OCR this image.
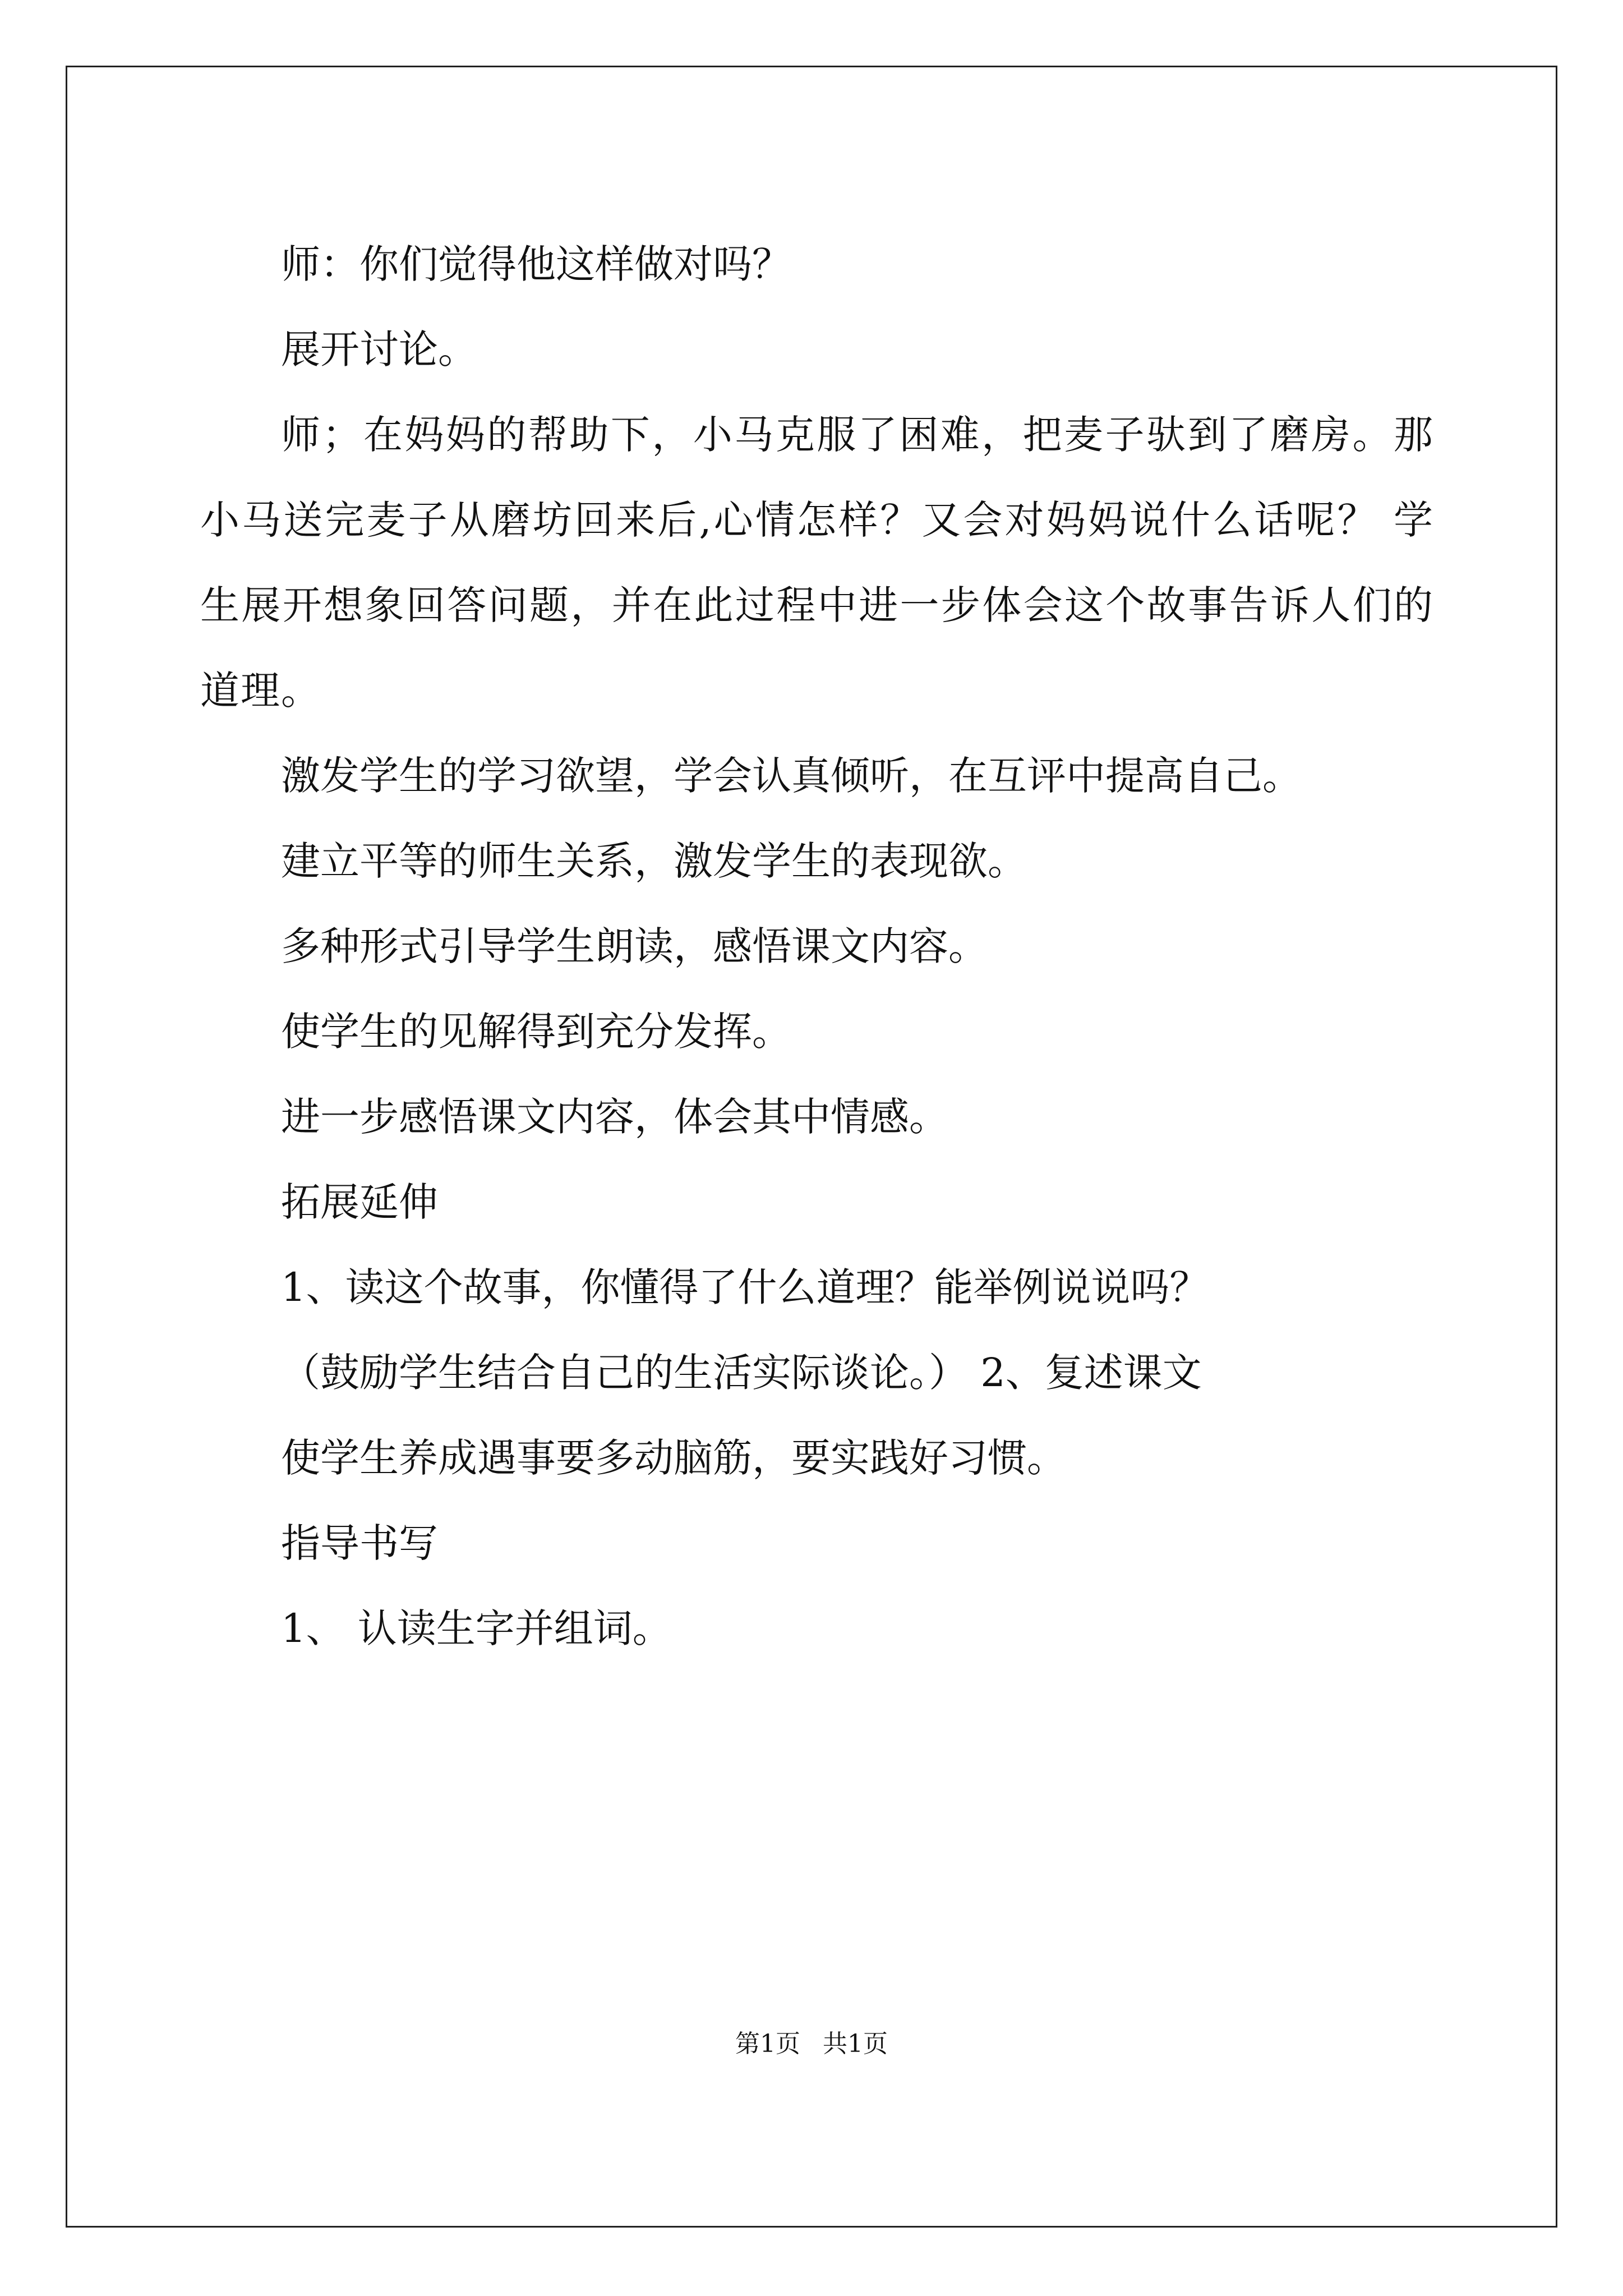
师：你们觉得他这样做对吗？

展开讨论。

师；在妈妈的帮助下，小马克服了困难，把麦子驮到了磨房。那小马送完麦子从磨坊回来后,心情怎样？又会对妈妈说什么话呢？ 学生展开想象回答问题，并在此过程中进一步体会这个故事告诉人们的道理。

激发学生的学习欲望，学会认真倾听，在互评中提高自己。

建立平等的师生关系，激发学生的表现欲。

多种形式引导学生朗读，感悟课文内容。

使学生的见解得到充分发挥。

进一步感悟课文内容，体会其中情感。

拓展延伸

1、读这个故事，你懂得了什么道理？能举例说说吗？

（鼓励学生结合自己的生活实际谈论。） 2、复述课文

使学生养成遇事要多动脑筋，要实践好习惯。

指导书写

1、 认读生字并组词。

第1页 共1页
